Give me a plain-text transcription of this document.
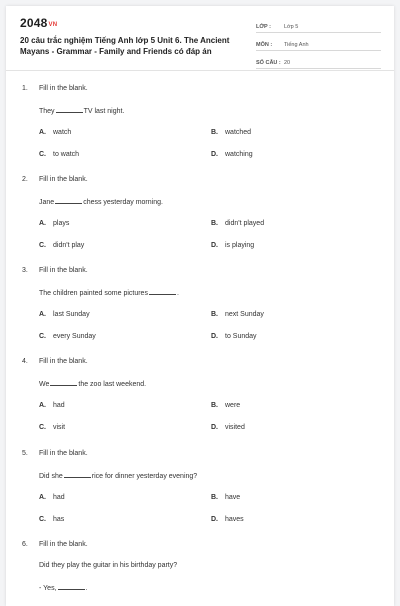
2048VN
20 câu trắc nghiệm Tiếng Anh lớp 5 Unit 6. The Ancient Mayans - Grammar - Family and Friends có đáp án
LỚP :	Lớp 5
MÔN :	Tiếng Anh
SỐ CÂU : 20
1. Fill in the blank.
They	TV last night.
A. watch	B. watched
C. to watch	D. watching
2. Fill in the blank.
Jane	chess yesterday morning.
A. plays	B. didn't played
C. didn't play	D. is playing
3. Fill in the blank.
The children painted some pictures	.
A. last Sunday	B. next Sunday
C. every Sunday	D. to Sunday
4. Fill in the blank.
We	the zoo last weekend.
A. had	B. were
C. visit	D. visited
5. Fill in the blank.
Did she	rice for dinner yesterday evening?
A. had	B. have
C. has	D. haves
6. Fill in the blank.
Did they play the guitar in his birthday party?
- Yes,	.
